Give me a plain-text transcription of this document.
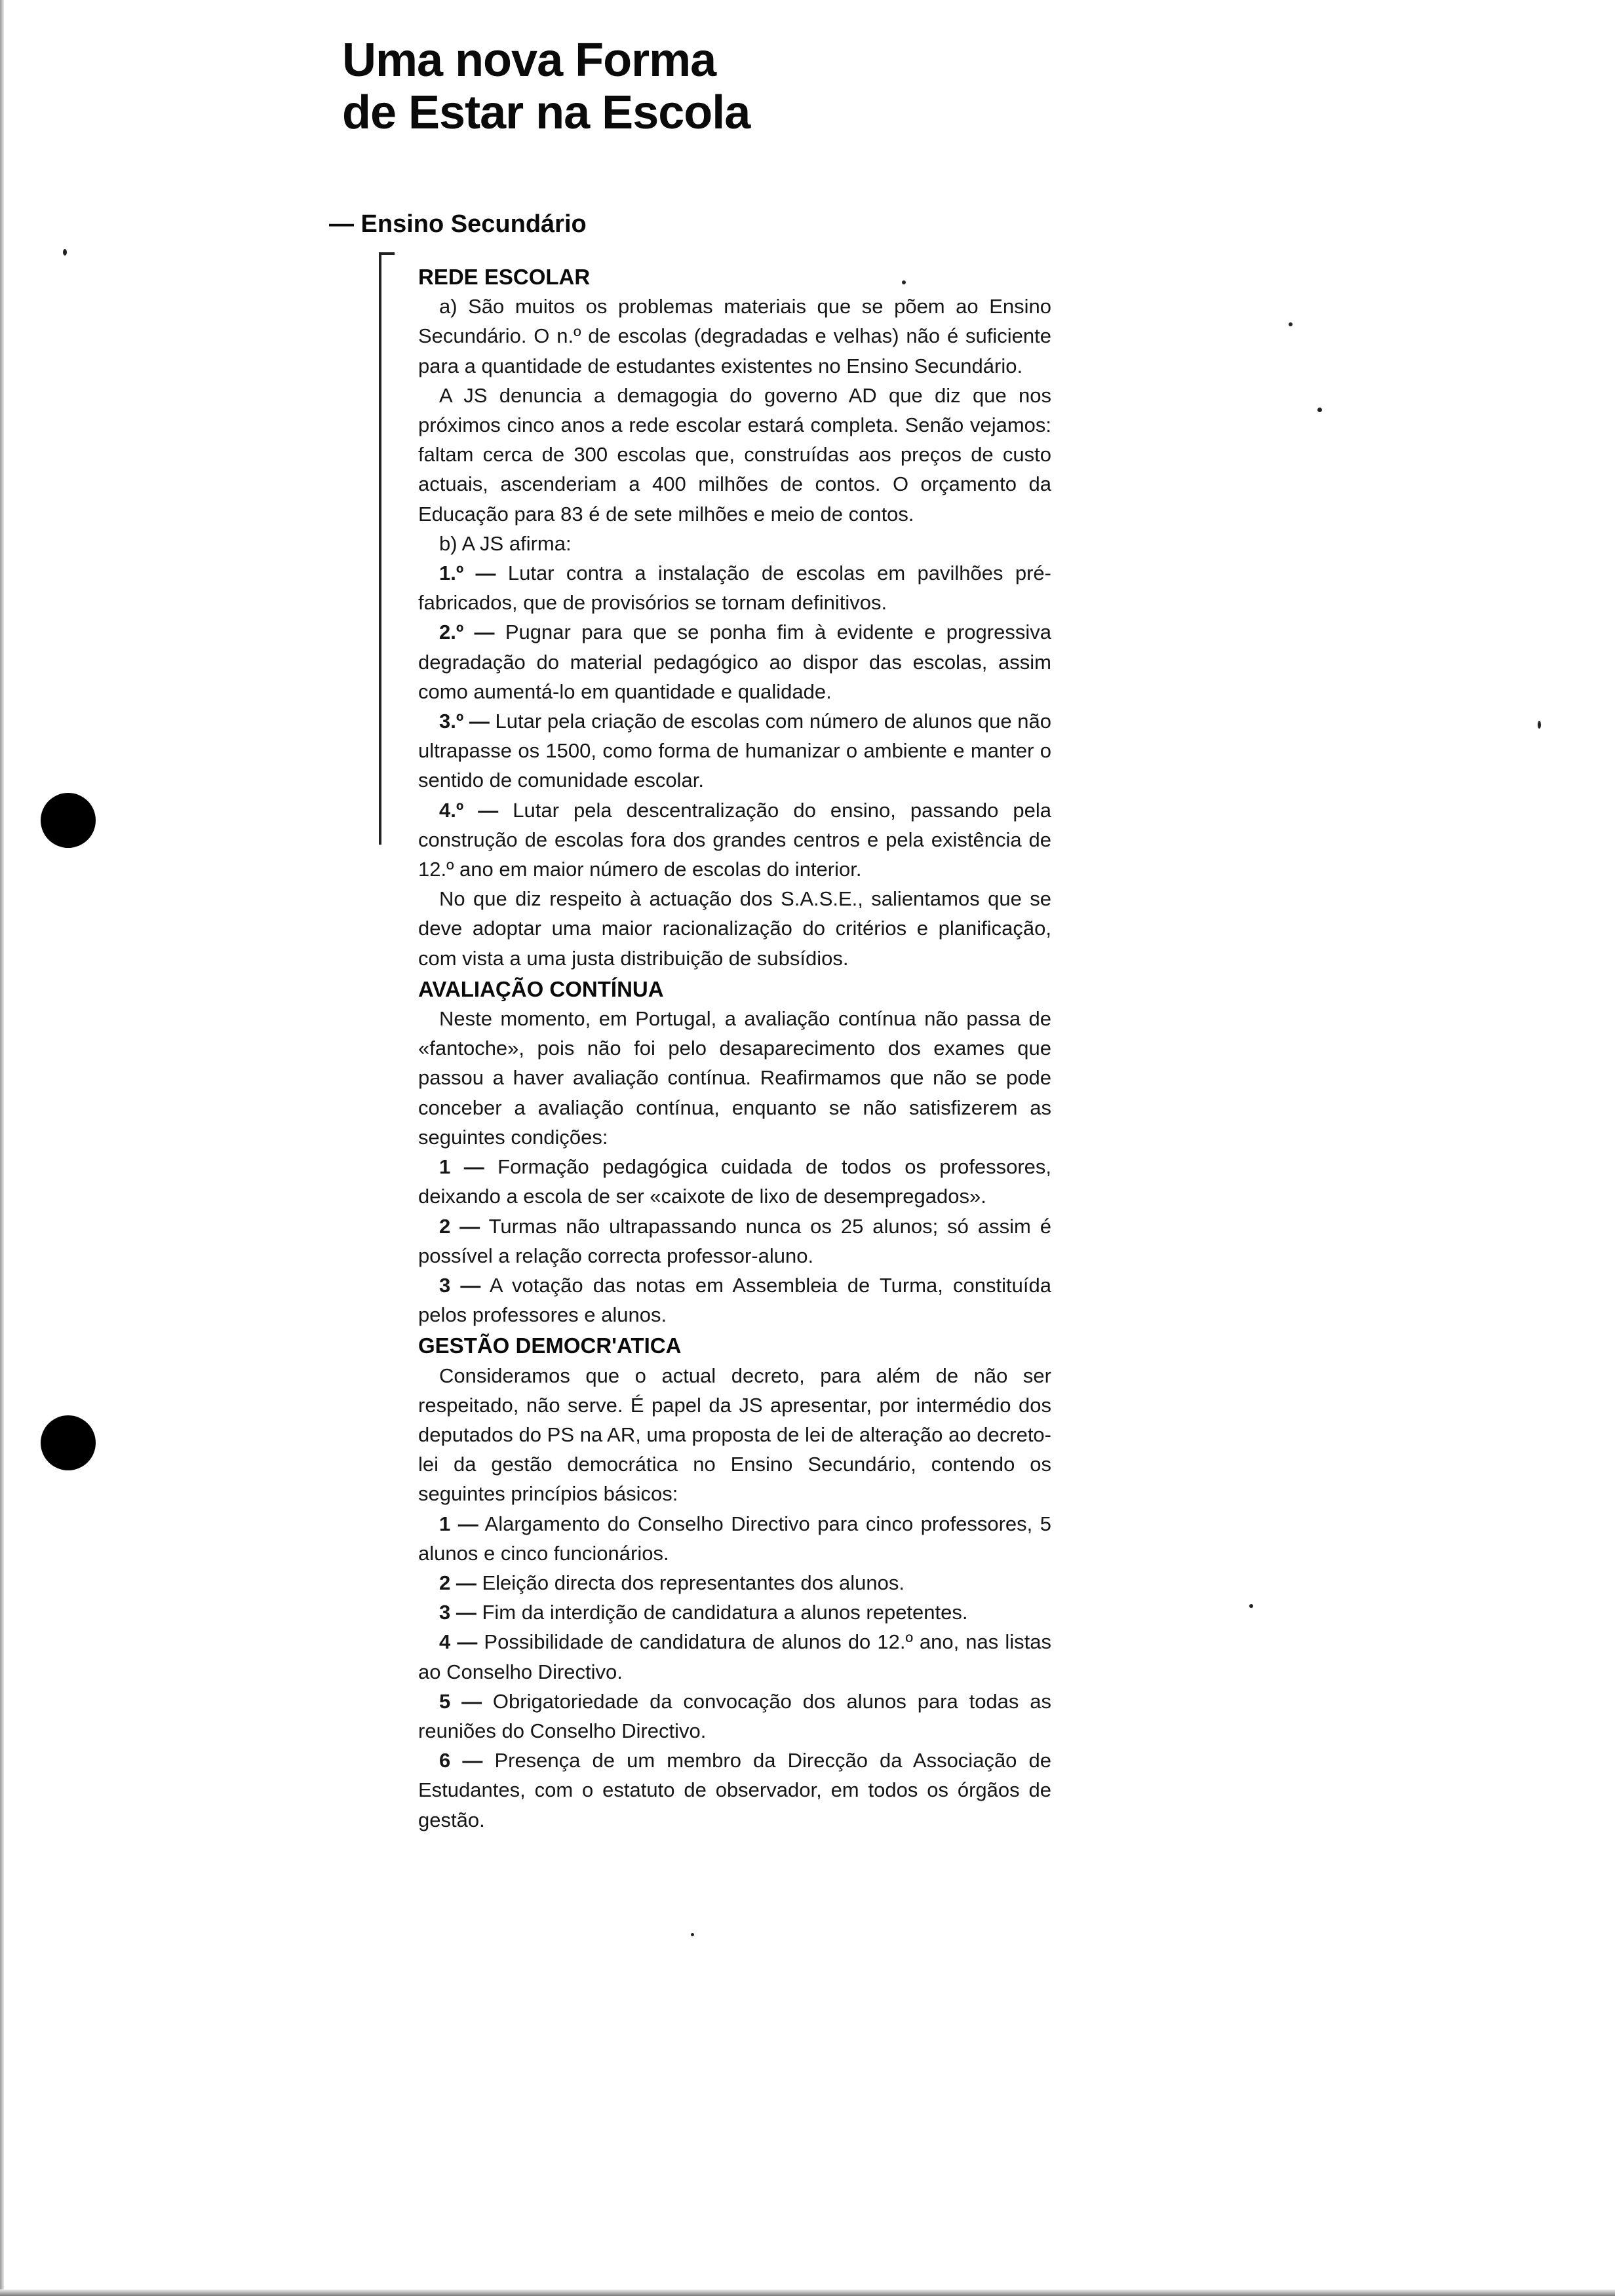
Uma nova Forma
de Estar na Escola
— Ensino Secundário
REDE ESCOLAR

a) São muitos os problemas materiais que se põem ao Ensino Secundário. O n.º de escolas (degradadas e velhas) não é suficiente para a quantidade de estudantes existentes no Ensino Secundário.

A JS denuncia a demagogia do governo AD que diz que nos próximos cinco anos a rede escolar estará completa. Senão vejamos: faltam cerca de 300 escolas que, construídas aos preços de custo actuais, ascenderiam a 400 milhões de contos. O orçamento da Educação para 83 é de sete milhões e meio de contos.

b) A JS afirma:

1.º — Lutar contra a instalação de escolas em pavilhões pré-fabricados, que de provisórios se tornam definitivos.

2.º — Pugnar para que se ponha fim à evidente e progressiva degradação do material pedagógico ao dispor das escolas, assim como aumentá-lo em quantidade e qualidade.

3.º — Lutar pela criação de escolas com número de alunos que não ultrapasse os 1500, como forma de humanizar o ambiente e manter o sentido de comunidade escolar.

4.º — Lutar pela descentralização do ensino, passando pela construção de escolas fora dos grandes centros e pela existência de 12.º ano em maior número de escolas do interior.

No que diz respeito à actuação dos S.A.S.E., salientamos que se deve adoptar uma maior racionalização do critérios e planificação, com vista a uma justa distribuição de subsídios.

AVALIAÇÃO CONTÍNUA

Neste momento, em Portugal, a avaliação contínua não passa de «fantoche», pois não foi pelo desaparecimento dos exames que passou a haver avaliação contínua. Reafirmamos que não se pode conceber a avaliação contínua, enquanto se não satisfizerem as seguintes condições:

1 — Formação pedagógica cuidada de todos os professores, deixando a escola de ser «caixote de lixo de desempregados».

2 — Turmas não ultrapassando nunca os 25 alunos; só assim é possível a relação correcta professor-aluno.

3 — A votação das notas em Assembleia de Turma, constituída pelos professores e alunos.

GESTÃO DEMOCR'ATICA

Consideramos que o actual decreto, para além de não ser respeitado, não serve. É papel da JS apresentar, por intermédio dos deputados do PS na AR, uma proposta de lei de alteração ao decreto-lei da gestão democrática no Ensino Secundário, contendo os seguintes princípios básicos:

1 — Alargamento do Conselho Directivo para cinco professores, 5 alunos e cinco funcionários.

2 — Eleição directa dos representantes dos alunos.

3 — Fim da interdição de candidatura a alunos repetentes.

4 — Possibilidade de candidatura de alunos do 12.º ano, nas listas ao Conselho Directivo.

5 — Obrigatoriedade da convocação dos alunos para todas as reuniões do Conselho Directivo.

6 — Presença de um membro da Direcção da Associação de Estudantes, com o estatuto de observador, em todos os órgãos de gestão.
